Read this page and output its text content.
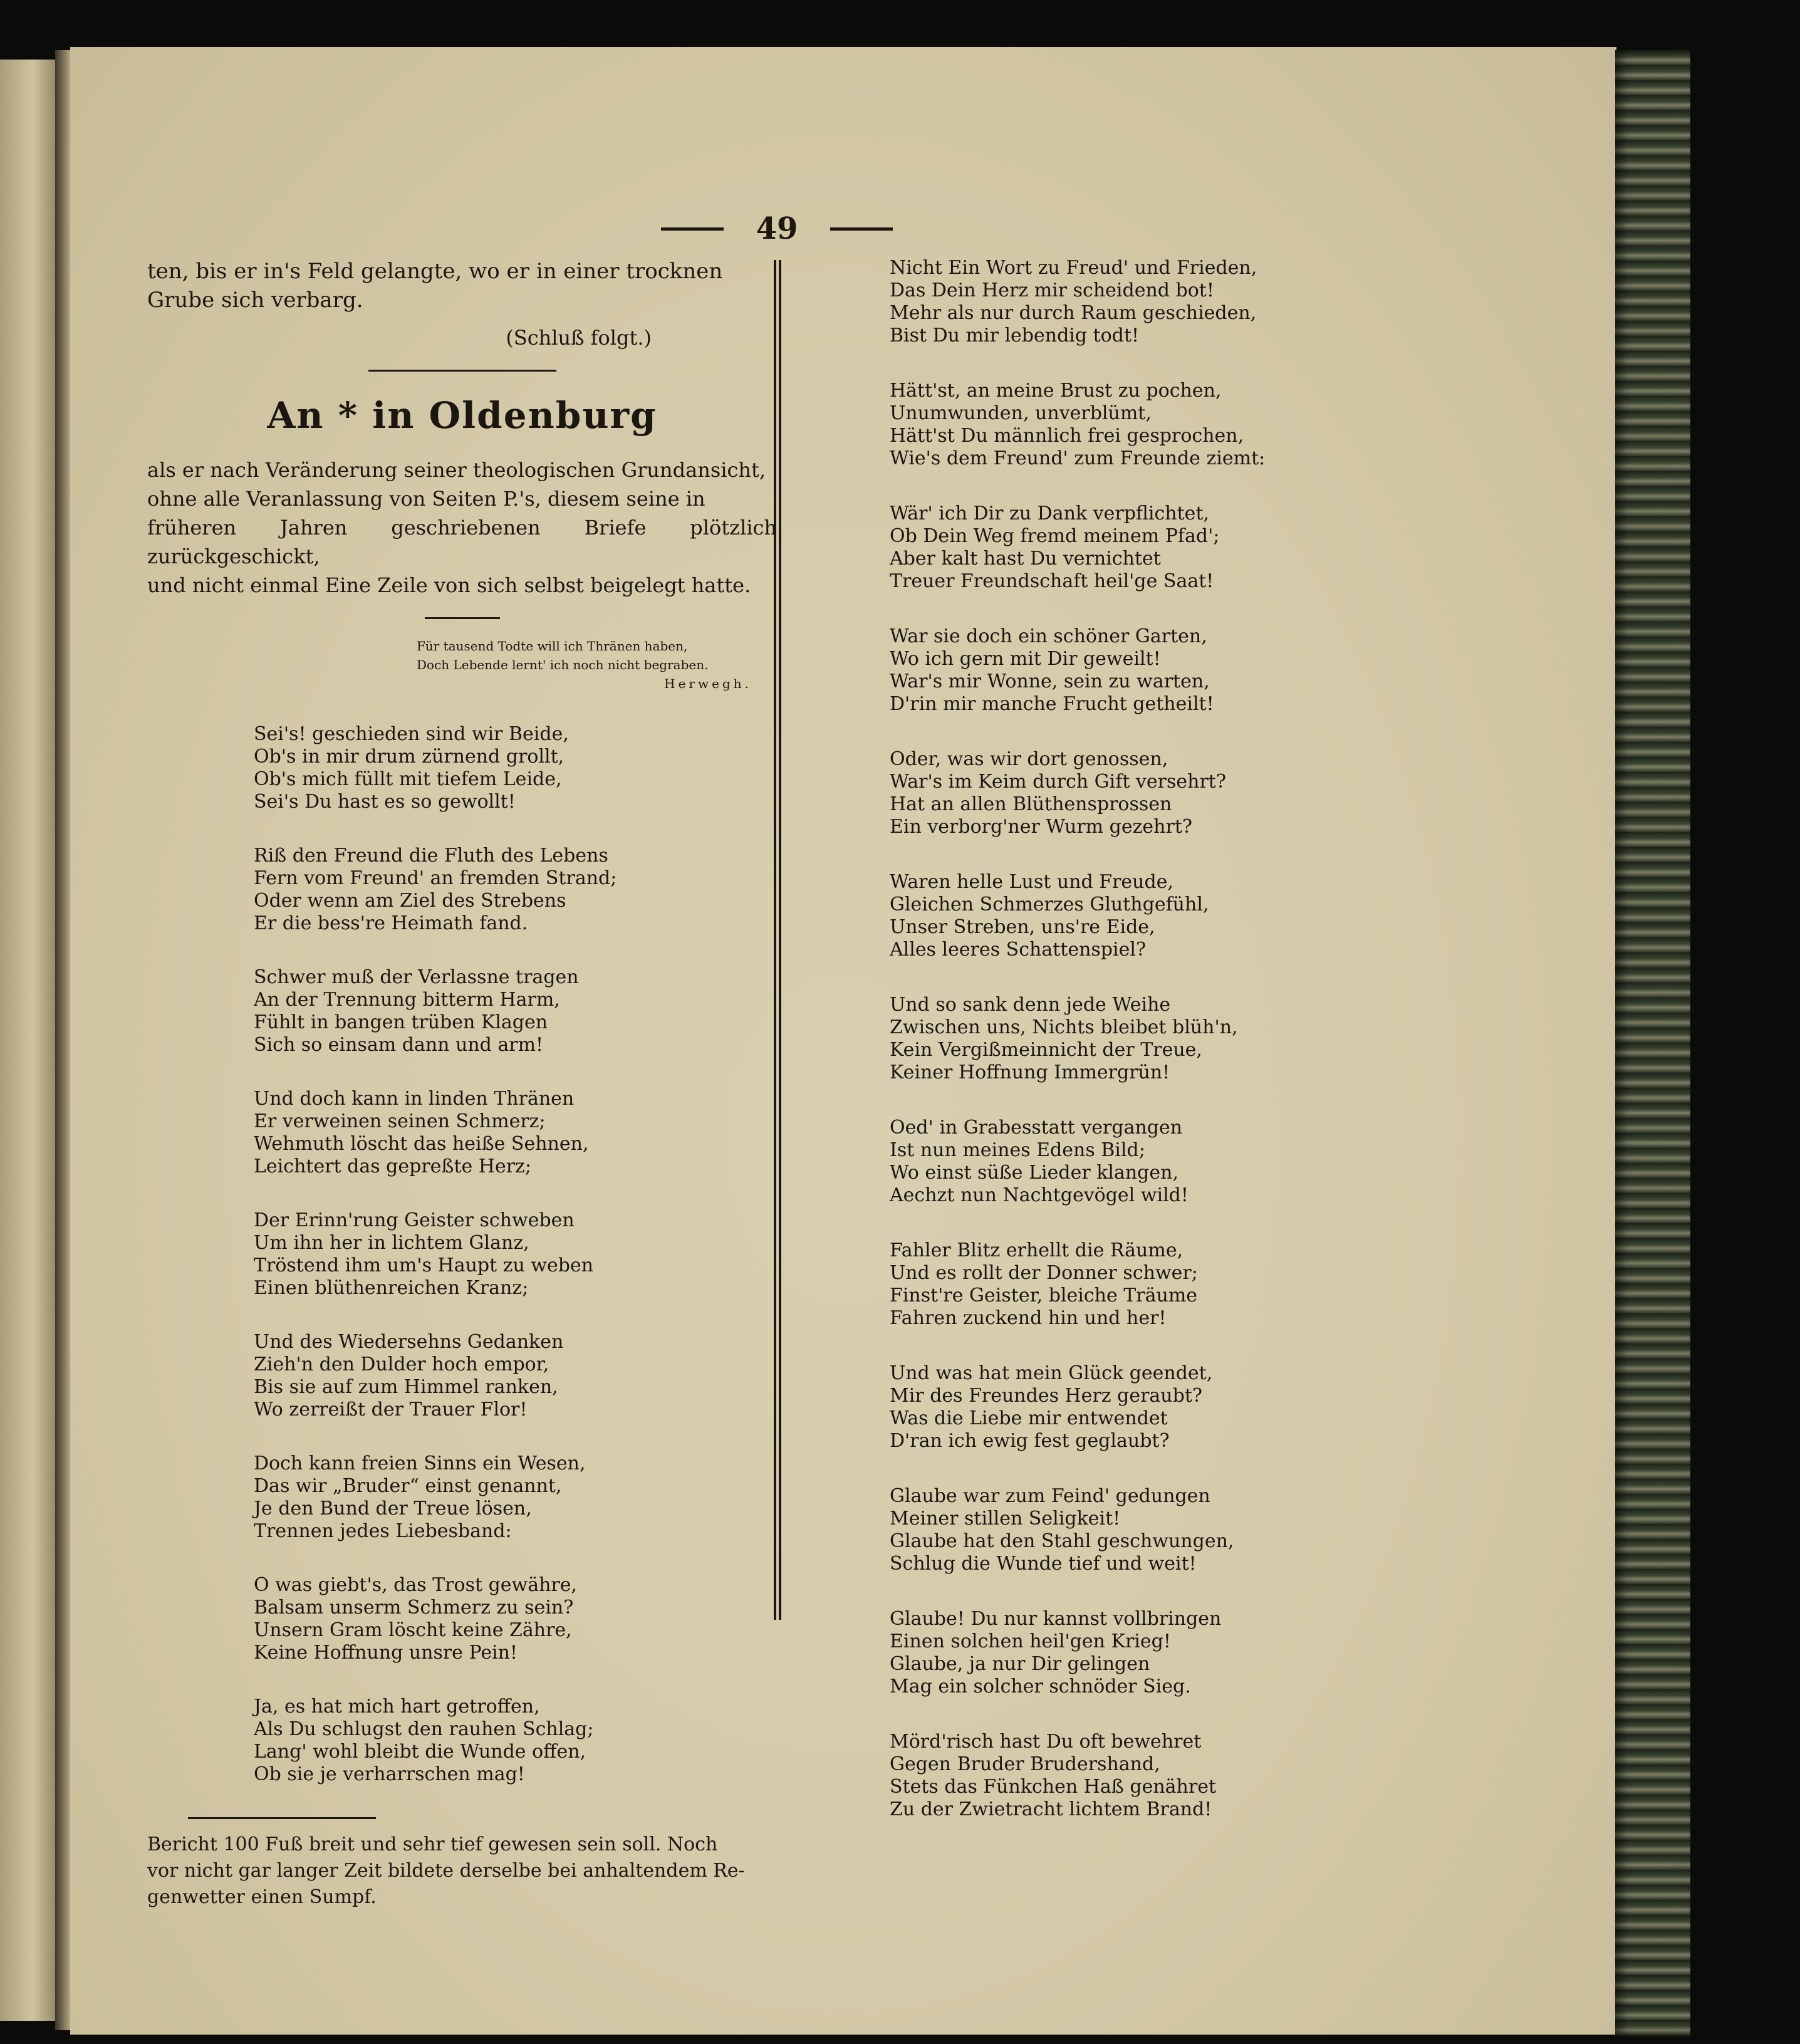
49

ten, bis er in's Feld gelangte, wo er in einer trocknen

Grube sich verbarg.

(Schluß folgt.)

An * in Oldenburg

als er nach Veränderung seiner theologischen Grundansicht,

ohne alle Veranlassung von Seiten P.'s, diesem seine in

früheren Jahren geschriebenen Briefe plötzlich zurückgeschickt,

und nicht einmal Eine Zeile von sich selbst beigelegt hatte.

Für tausend Todte will ich Thränen haben,
Doch Lebende lernt' ich noch nicht begraben.
Herwegh.
Sei's! geschieden sind wir Beide,
Ob's in mir drum zürnend grollt,
Ob's mich füllt mit tiefem Leide,
Sei's Du hast es so gewollt!
Riß den Freund die Fluth des Lebens
Fern vom Freund' an fremden Strand;
Oder wenn am Ziel des Strebens
Er die bess're Heimath fand.
Schwer muß der Verlassne tragen
An der Trennung bitterm Harm,
Fühlt in bangen trüben Klagen
Sich so einsam dann und arm!
Und doch kann in linden Thränen
Er verweinen seinen Schmerz;
Wehmuth löscht das heiße Sehnen,
Leichtert das gepreßte Herz;
Der Erinn'rung Geister schweben
Um ihn her in lichtem Glanz,
Tröstend ihm um's Haupt zu weben
Einen blüthenreichen Kranz;
Und des Wiedersehns Gedanken
Zieh'n den Dulder hoch empor,
Bis sie auf zum Himmel ranken,
Wo zerreißt der Trauer Flor!
Doch kann freien Sinns ein Wesen,
Das wir „Bruder“ einst genannt,
Je den Bund der Treue lösen,
Trennen jedes Liebesband:
O was giebt's, das Trost gewähre,
Balsam unserm Schmerz zu sein?
Unsern Gram löscht keine Zähre,
Keine Hoffnung unsre Pein!
Ja, es hat mich hart getroffen,
Als Du schlugst den rauhen Schlag;
Lang' wohl bleibt die Wunde offen,
Ob sie je verharrschen mag!

Bericht 100 Fuß breit und sehr tief gewesen sein soll. Noch

vor nicht gar langer Zeit bildete derselbe bei anhaltendem Re-

genwetter einen Sumpf.

Nicht Ein Wort zu Freud' und Frieden,
Das Dein Herz mir scheidend bot!
Mehr als nur durch Raum geschieden,
Bist Du mir lebendig todt!
Hätt'st, an meine Brust zu pochen,
Unumwunden, unverblümt,
Hätt'st Du männlich frei gesprochen,
Wie's dem Freund' zum Freunde ziemt:
Wär' ich Dir zu Dank verpflichtet,
Ob Dein Weg fremd meinem Pfad';
Aber kalt hast Du vernichtet
Treuer Freundschaft heil'ge Saat!
War sie doch ein schöner Garten,
Wo ich gern mit Dir geweilt!
War's mir Wonne, sein zu warten,
D'rin mir manche Frucht getheilt!
Oder, was wir dort genossen,
War's im Keim durch Gift versehrt?
Hat an allen Blüthensprossen
Ein verborg'ner Wurm gezehrt?
Waren helle Lust und Freude,
Gleichen Schmerzes Gluthgefühl,
Unser Streben, uns're Eide,
Alles leeres Schattenspiel?
Und so sank denn jede Weihe
Zwischen uns, Nichts bleibet blüh'n,
Kein Vergißmeinnicht der Treue,
Keiner Hoffnung Immergrün!
Oed' in Grabesstatt vergangen
Ist nun meines Edens Bild;
Wo einst süße Lieder klangen,
Aechzt nun Nachtgevögel wild!
Fahler Blitz erhellt die Räume,
Und es rollt der Donner schwer;
Finst're Geister, bleiche Träume
Fahren zuckend hin und her!
Und was hat mein Glück geendet,
Mir des Freundes Herz geraubt?
Was die Liebe mir entwendet
D'ran ich ewig fest geglaubt?
Glaube war zum Feind' gedungen
Meiner stillen Seligkeit!
Glaube hat den Stahl geschwungen,
Schlug die Wunde tief und weit!
Glaube! Du nur kannst vollbringen
Einen solchen heil'gen Krieg!
Glaube, ja nur Dir gelingen
Mag ein solcher schnöder Sieg.
Mörd'risch hast Du oft bewehret
Gegen Bruder Brudershand,
Stets das Fünkchen Haß genähret
Zu der Zwietracht lichtem Brand!
